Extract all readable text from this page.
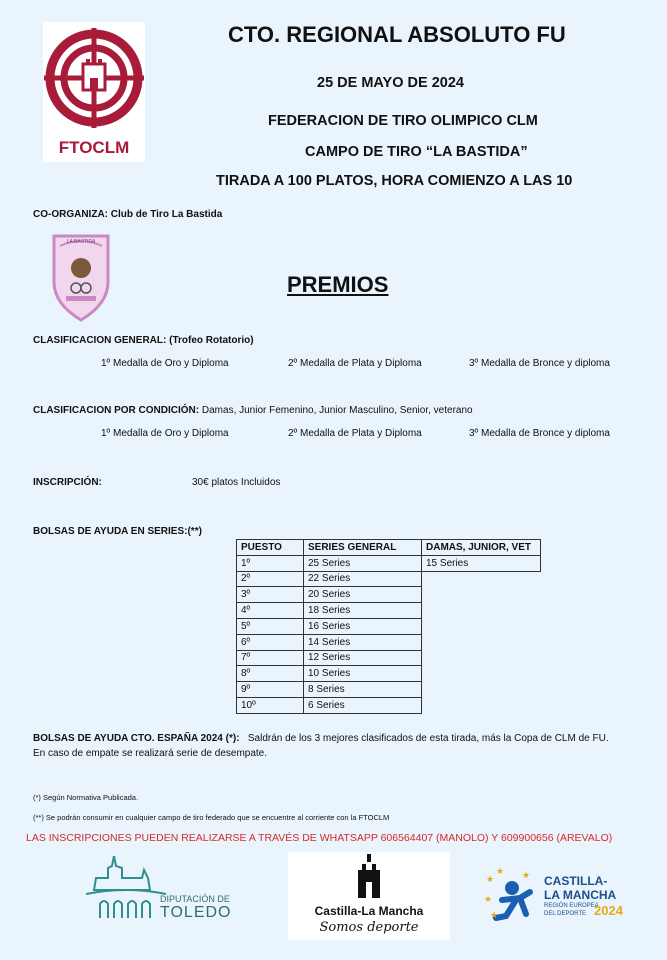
FTOCLM
CTO. REGIONAL ABSOLUTO FU
25 DE MAYO DE 2024
FEDERACION DE TIRO OLIMPICO CLM
CAMPO DE TIRO “LA BASTIDA”
TIRADA A 100 PLATOS, HORA COMIENZO A LAS 10
CO-ORGANIZA: Club de Tiro La Bastida
LA BASTIDA
PREMIOS
CLASIFICACION GENERAL: (Trofeo Rotatorio)
1º Medalla de Oro y Diploma	2º Medalla de Plata y Diploma	3º Medalla de Bronce y diploma
CLASIFICACION POR CONDICIÓN: Damas, Junior Femenino, Junior Masculino, Senior, veterano
1º Medalla de Oro y Diploma	2º Medalla de Plata y Diploma	3º Medalla de Bronce y diploma
INSCRIPCIÓN:	30€ platos Incluidos
BOLSAS DE AYUDA EN SERIES:(**)
PUESTO	SERIES GENERAL	DAMAS, JUNIOR, VET
1º	25 Series	15 Series
2º	22 Series	
3º	20 Series	
4º	18 Series	
5º	16 Series	
6º	14 Series	
7º	12 Series	
8º	10 Series	
9º	8 Series	
10º	6 Series	
BOLSAS DE AYUDA CTO. ESPAÑA 2024 (*): Saldrán de los 3 mejores clasificados de esta tirada, más la Copa de CLM de FU.
En caso de empate se realizará serie de desempate.
(*) Según Normativa Publicada.
(**) Se podrán consumir en cualquier campo de tiro federado que se encuentre al corriente con la FTOCLM
LAS INSCRIPCIONES PUEDEN REALIZARSE A TRAVÉS DE WHATSAPP 606564407 (MANOLO) Y 609900656 (AREVALO)
DIPUTACIÓN DE
TOLEDO	Castilla-La Mancha
Somos deporte
★
★
★
★
★ CASTILLA-
LA MANCHA
REGIÓN EUROPEA
DEL DEPORTE 2024
